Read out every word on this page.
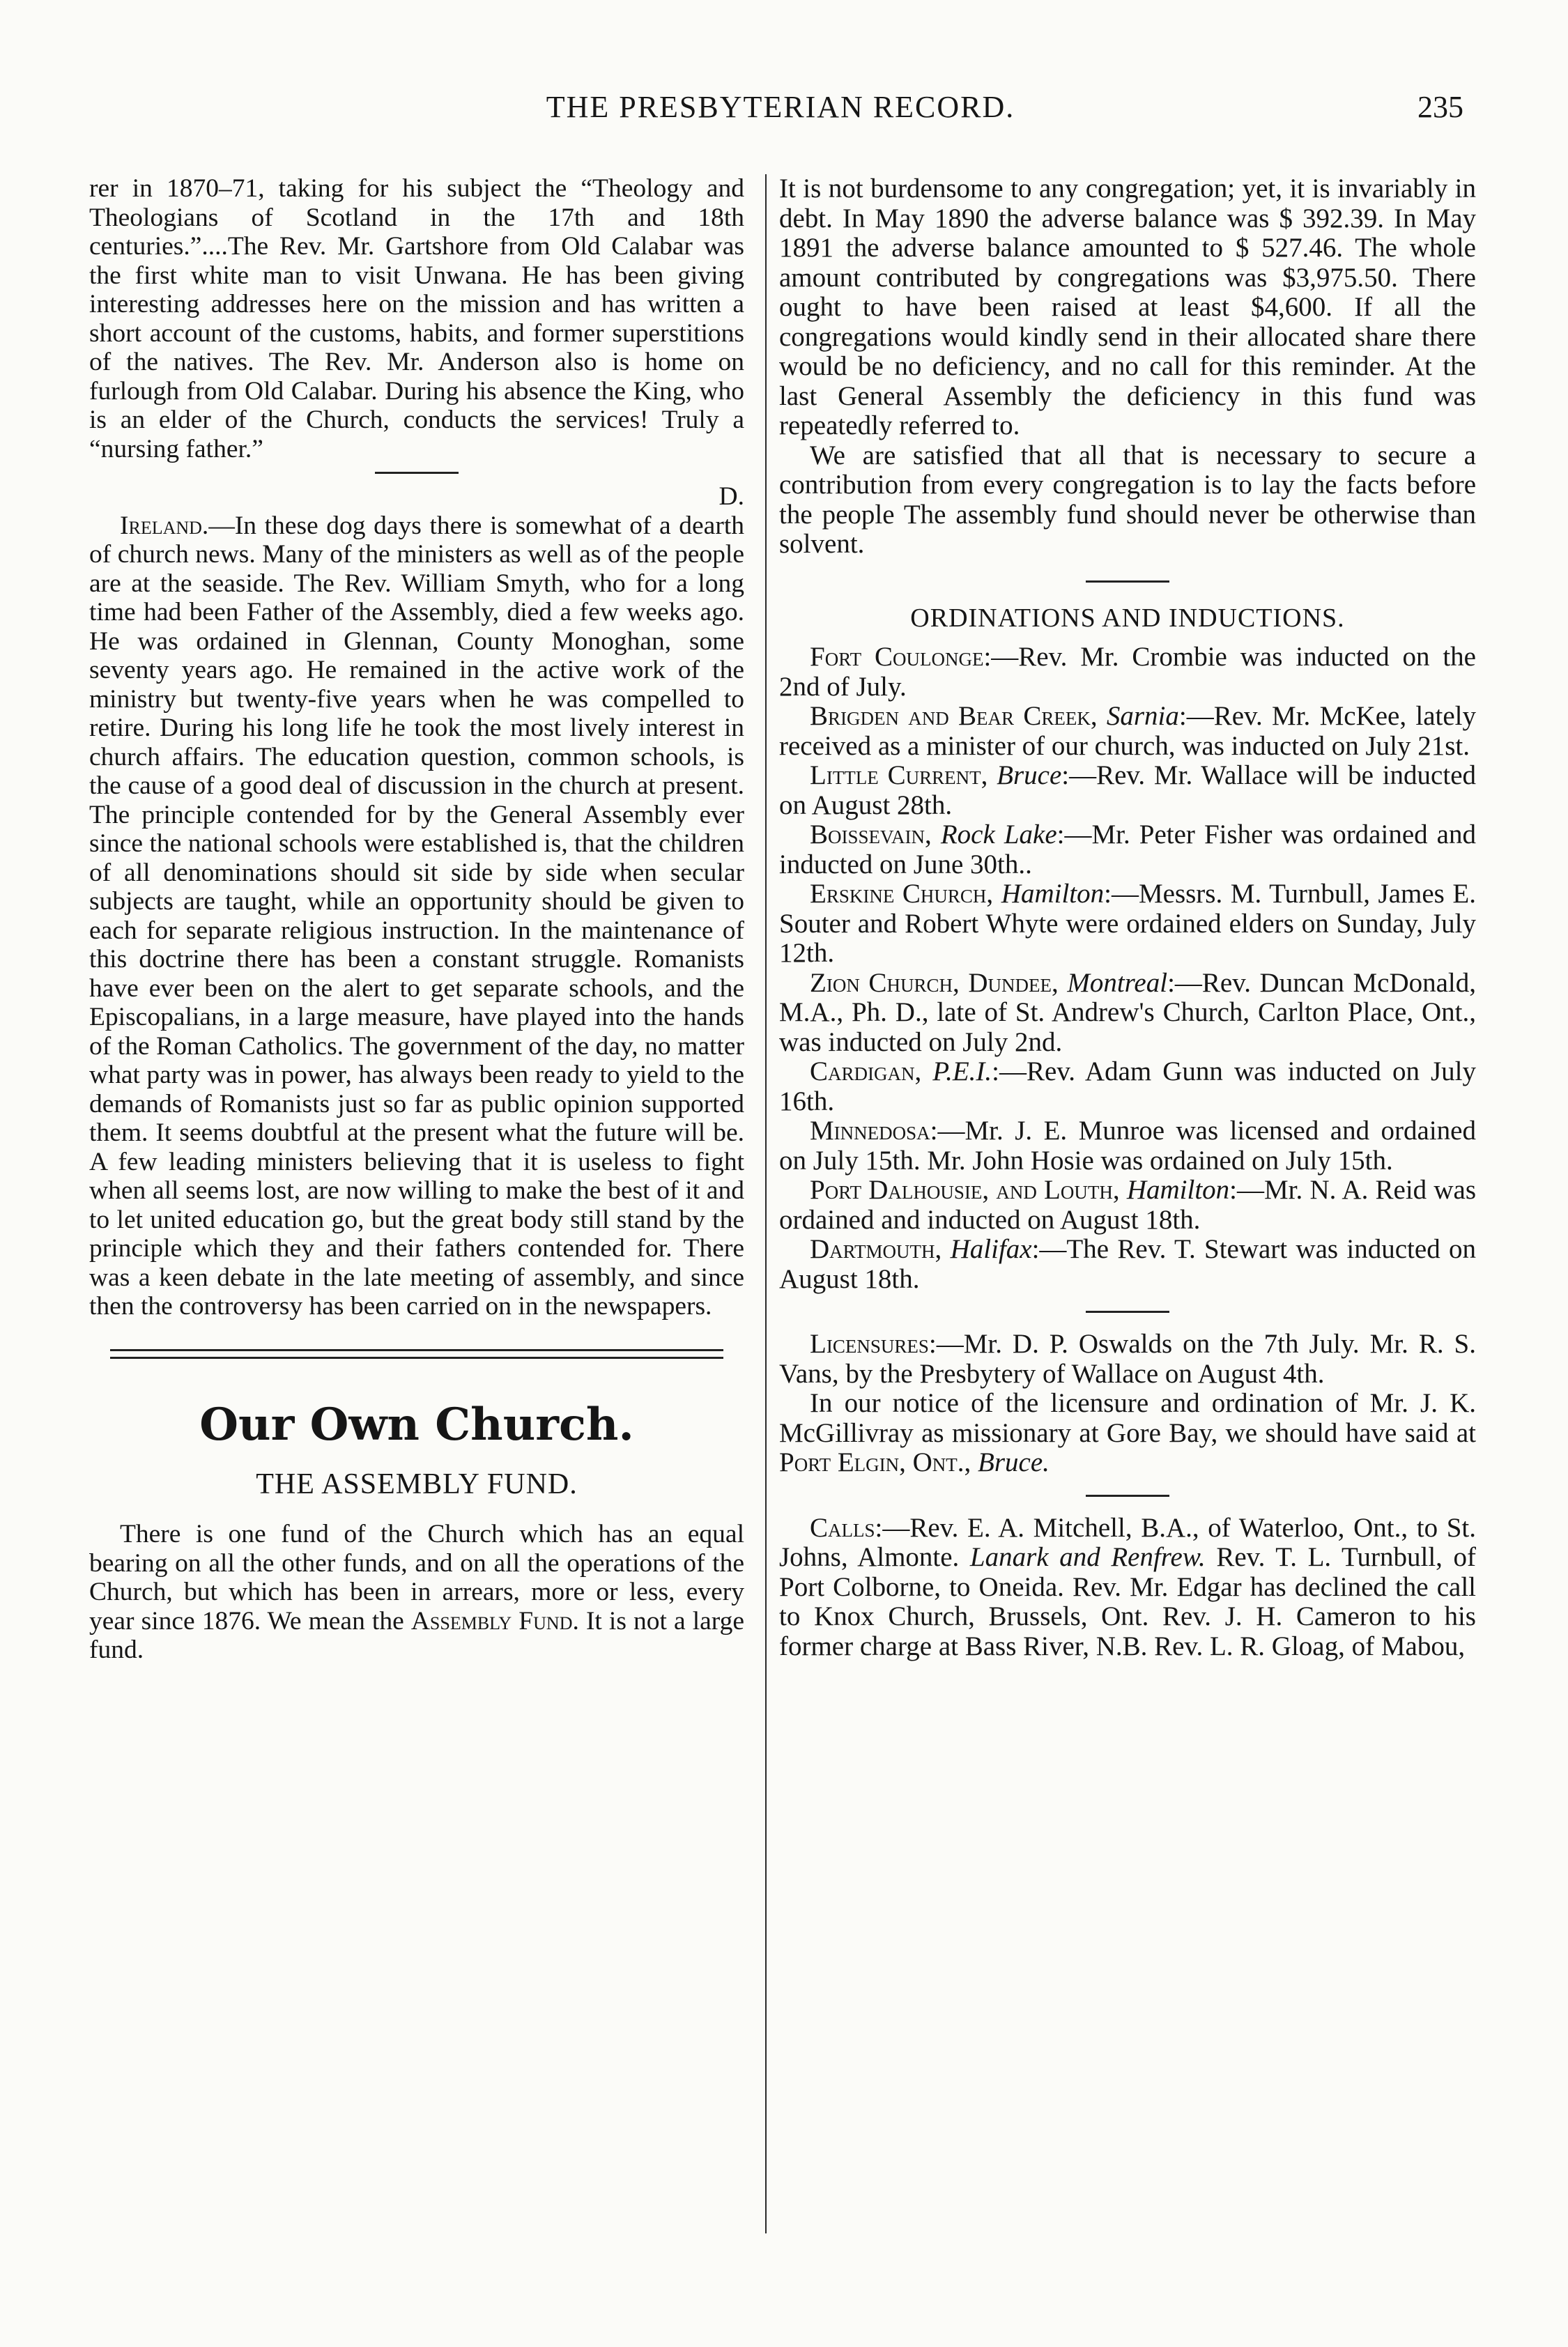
THE PRESBYTERIAN RECORD.	235

rer in 1870–71, taking for his subject the “Theology and Theologians of Scotland in the 17th and 18th centuries.”....The Rev. Mr. Gartshore from Old Calabar was the first white man to visit Unwana. He has been giving interesting addresses here on the mission and has written a short account of the customs, habits, and former superstitions of the natives. The Rev. Mr. Anderson also is home on furlough from Old Calabar. During his absence the King, who is an elder of the Church, conducts the services! Truly a “nursing father.”

D.

Ireland.—In these dog days there is somewhat of a dearth of church news. Many of the ministers as well as of the people are at the seaside. The Rev. William Smyth, who for a long time had been Father of the Assembly, died a few weeks ago. He was ordained in Glennan, County Monoghan, some seventy years ago. He remained in the active work of the ministry but twenty-five years when he was compelled to retire. During his long life he took the most lively interest in church affairs. The education question, common schools, is the cause of a good deal of discussion in the church at present. The principle contended for by the General Assembly ever since the national schools were established is, that the children of all denominations should sit side by side when secular subjects are taught, while an opportunity should be given to each for separate religious instruction. In the maintenance of this doctrine there has been a constant struggle. Romanists have ever been on the alert to get separate schools, and the Episcopalians, in a large measure, have played into the hands of the Roman Catholics. The government of the day, no matter what party was in power, has always been ready to yield to the demands of Romanists just so far as public opinion supported them. It seems doubtful at the present what the future will be. A few leading ministers believing that it is useless to fight when all seems lost, are now willing to make the best of it and to let united education go, but the great body still stand by the principle which they and their fathers contended for. There was a keen debate in the late meeting of assembly, and since then the controversy has been carried on in the newspapers.

Our Own Church.
THE ASSEMBLY FUND.

There is one fund of the Church which has an equal bearing on all the other funds, and on all the operations of the Church, but which has been in arrears, more or less, every year since 1876. We mean the Assembly Fund. It is not a large fund.

It is not burdensome to any congregation; yet, it is invariably in debt. In May 1890 the adverse balance was $ 392.39. In May 1891 the adverse balance amounted to $ 527.46. The whole amount contributed by congregations was $3,975.50. There ought to have been raised at least $4,600. If all the congregations would kindly send in their allocated share there would be no deficiency, and no call for this reminder. At the last General Assembly the deficiency in this fund was repeatedly referred to.

We are satisfied that all that is necessary to secure a contribution from every congregation is to lay the facts before the people The assembly fund should never be otherwise than solvent.

ORDINATIONS AND INDUCTIONS.

Fort Coulonge:—Rev. Mr. Crombie was inducted on the 2nd of July.

Brigden and Bear Creek, Sarnia:—Rev. Mr. McKee, lately received as a minister of our church, was inducted on July 21st.

Little Current, Bruce:—Rev. Mr. Wallace will be inducted on August 28th.

Boissevain, Rock Lake:—Mr. Peter Fisher was ordained and inducted on June 30th..

Erskine Church, Hamilton:—Messrs. M. Turnbull, James E. Souter and Robert Whyte were ordained elders on Sunday, July 12th.

Zion Church, Dundee, Montreal:—Rev. Duncan McDonald, M.A., Ph. D., late of St. Andrew's Church, Carlton Place, Ont., was inducted on July 2nd.

Cardigan, P.E.I.:—Rev. Adam Gunn was inducted on July 16th.

Minnedosa:—Mr. J. E. Munroe was licensed and ordained on July 15th. Mr. John Hosie was ordained on July 15th.

Port Dalhousie, and Louth, Hamilton:—Mr. N. A. Reid was ordained and inducted on August 18th.

Dartmouth, Halifax:—The Rev. T. Stewart was inducted on August 18th.

Licensures:—Mr. D. P. Oswalds on the 7th July. Mr. R. S. Vans, by the Presbytery of Wallace on August 4th.

In our notice of the licensure and ordination of Mr. J. K. McGillivray as missionary at Gore Bay, we should have said at Port Elgin, Ont., Bruce.

Calls:—Rev. E. A. Mitchell, B.A., of Waterloo, Ont., to St. Johns, Almonte. Lanark and Renfrew. Rev. T. L. Turnbull, of Port Colborne, to Oneida. Rev. Mr. Edgar has declined the call to Knox Church, Brussels, Ont. Rev. J. H. Cameron to his former charge at Bass River, N.B. Rev. L. R. Gloag, of Mabou,
